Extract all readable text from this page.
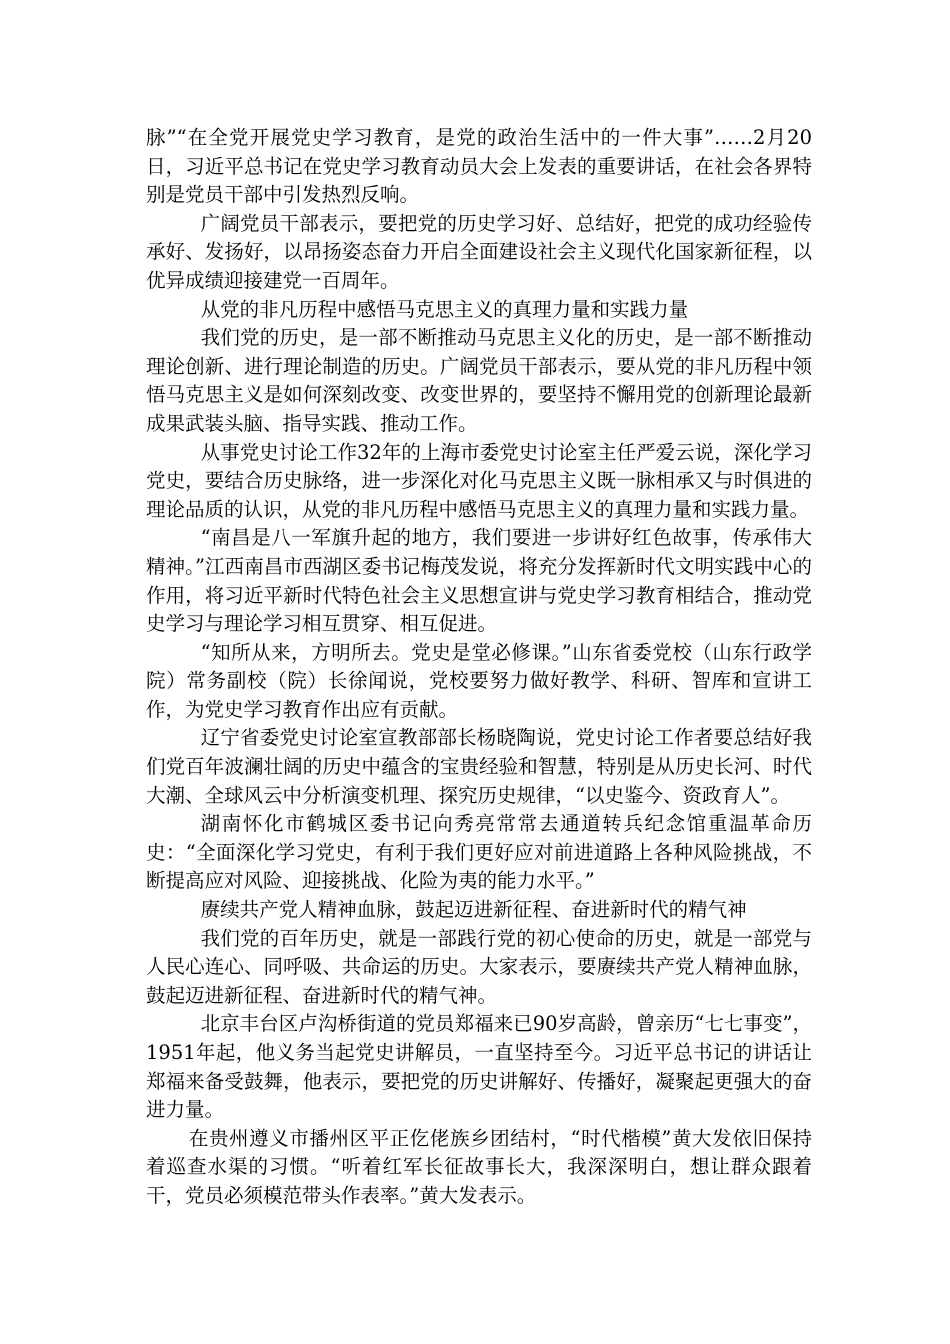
脉”“在全党开展党史学习教育，是党的政治生活中的一件大事”……2月20日，习近平总书记在党史学习教育动员大会上发表的重要讲话，在社会各界特别是党员干部中引发热烈反响。

广阔党员干部表示，要把党的历史学习好、总结好，把党的成功经验传承好、发扬好，以昂扬姿态奋力开启全面建设社会主义现代化国家新征程，以优异成绩迎接建党一百周年。

从党的非凡历程中感悟马克思主义的真理力量和实践力量

我们党的历史，是一部不断推动马克思主义化的历史，是一部不断推动理论创新、进行理论制造的历史。广阔党员干部表示，要从党的非凡历程中领悟马克思主义是如何深刻改变、改变世界的，要坚持不懈用党的创新理论最新成果武装头脑、指导实践、推动工作。

从事党史讨论工作32年的上海市委党史讨论室主任严爱云说，深化学习党史，要结合历史脉络，进一步深化对化马克思主义既一脉相承又与时俱进的理论品质的认识，从党的非凡历程中感悟马克思主义的真理力量和实践力量。

“南昌是八一军旗升起的地方，我们要进一步讲好红色故事，传承伟大精神。”江西南昌市西湖区委书记梅茂发说，将充分发挥新时代文明实践中心的作用，将习近平新时代特色社会主义思想宣讲与党史学习教育相结合，推动党史学习与理论学习相互贯穿、相互促进。

“知所从来，方明所去。党史是堂必修课。”山东省委党校（山东行政学院）常务副校（院）长徐闻说，党校要努力做好教学、科研、智库和宣讲工作，为党史学习教育作出应有贡献。

辽宁省委党史讨论室宣教部部长杨晓陶说，党史讨论工作者要总结好我们党百年波澜壮阔的历史中蕴含的宝贵经验和智慧，特别是从历史长河、时代大潮、全球风云中分析演变机理、探究历史规律，“以史鉴今、资政育人”。

湖南怀化市鹤城区委书记向秀亮常常去通道转兵纪念馆重温革命历史：“全面深化学习党史，有利于我们更好应对前进道路上各种风险挑战，不断提高应对风险、迎接挑战、化险为夷的能力水平。”

赓续共产党人精神血脉，鼓起迈进新征程、奋进新时代的精气神

我们党的百年历史，就是一部践行党的初心使命的历史，就是一部党与人民心连心、同呼吸、共命运的历史。大家表示，要赓续共产党人精神血脉，鼓起迈进新征程、奋进新时代的精气神。

北京丰台区卢沟桥街道的党员郑福来已90岁高龄，曾亲历“七七事变”，1951年起，他义务当起党史讲解员，一直坚持至今。习近平总书记的讲话让郑福来备受鼓舞，他表示，要把党的历史讲解好、传播好，凝聚起更强大的奋进力量。

在贵州遵义市播州区平正仡佬族乡团结村，“时代楷模”黄大发依旧保持着巡查水渠的习惯。“听着红军长征故事长大，我深深明白，想让群众跟着干，党员必须模范带头作表率。”黄大发表示。
